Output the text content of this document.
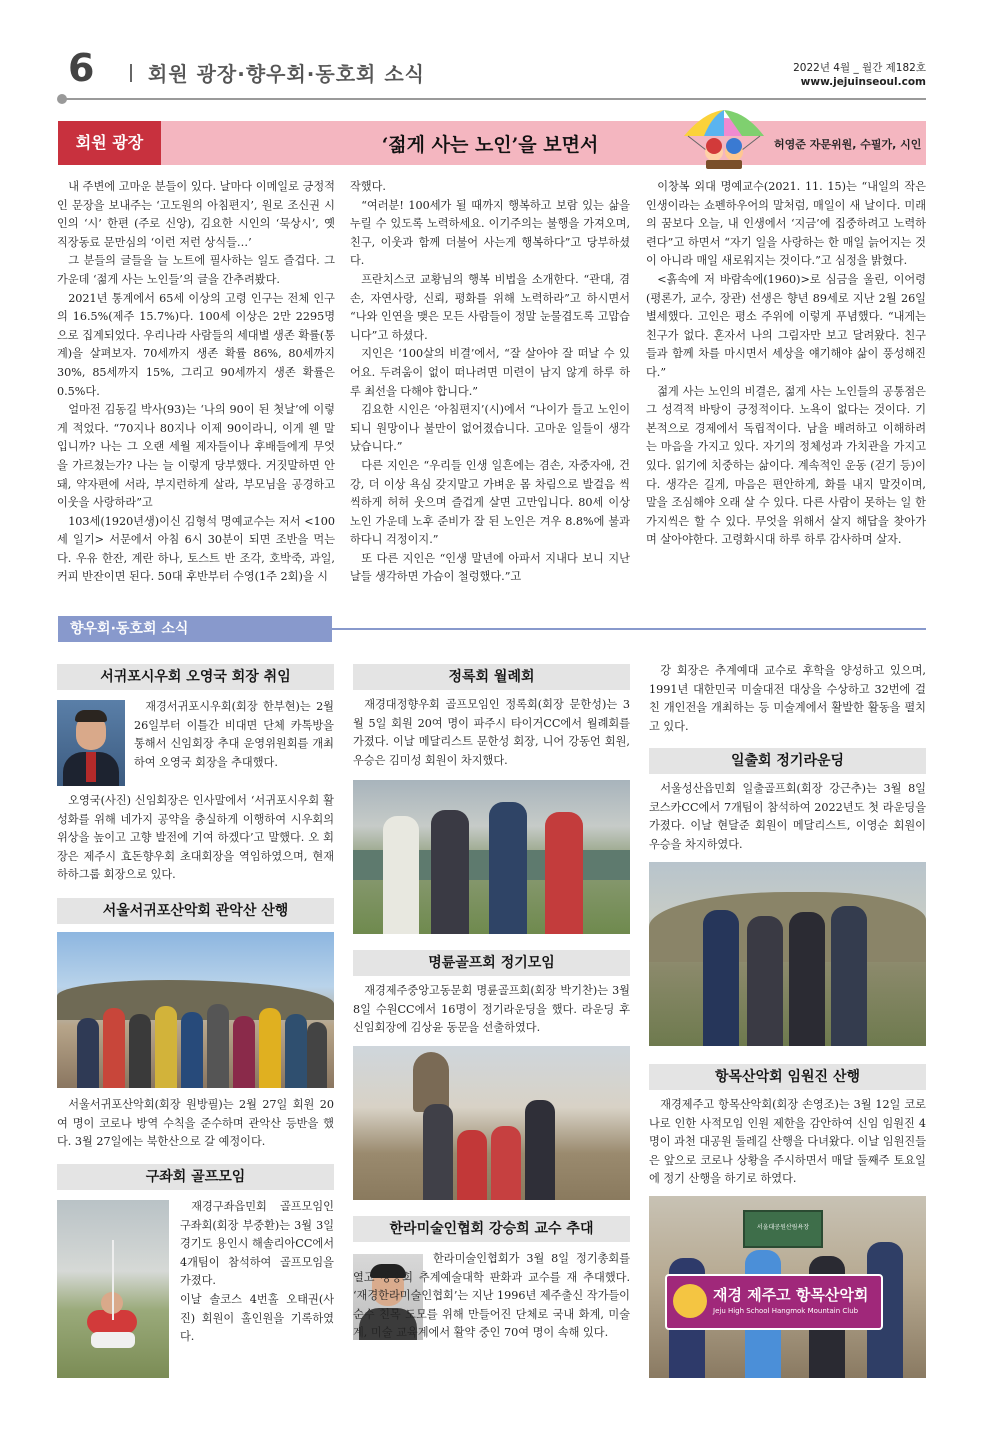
6	회원 광장·향우회·동호회 소식	2022년 4월 _ 월간 제182호
www.jejuinseoul.com
회원 광장	‘젊게 사는 노인’을 보면서	허영준 자문위원, 수필가, 시인

내 주변에 고마운 분들이 있다. 날마다 이메일로 긍정적인 문장을 보내주는 ‘고도원의 아침편지’, 원로 조신권 시인의 ‘시’ 한편 (주로 신앙), 김요한 시인의 ‘묵상시’, 옛 직장동료 문만심의 ‘이런 저런 상식들…’

그 분들의 글들을 늘 노트에 필사하는 일도 즐겁다. 그 가운데 ‘젊게 사는 노인들’의 글을 간추려봤다.

2021년 통계에서 65세 이상의 고령 인구는 전체 인구의 16.5%(제주 15.7%)다. 100세 이상은 2만 2295명으로 집계되었다. 우리나라 사람들의 세대별 생존 확률(통계)을 살펴보자. 70세까지 생존 확률 86%, 80세까지 30%, 85세까지 15%, 그리고 90세까지 생존 확률은 0.5%다.

얼마전 김동길 박사(93)는 ‘나의 90이 된 첫날’에 이렇게 적었다. “70지나 80지나 이제 90이라니, 이게 웬 말입니까? 나는 그 오랜 세월 제자들이나 후배들에게 무엇을 가르쳤는가? 나는 늘 이렇게 당부했다. 거짓말하면 안돼, 약자편에 서라, 부지런하게 살라, 부모님을 공경하고 이웃을 사랑하라”고

103세(1920년생)이신 김형석 명예교수는 저서 <100세 일기> 서문에서 아침 6시 30분이 되면 조반을 먹는다. 우유 한잔, 계란 하나, 토스트 반 조각, 호박죽, 과일, 커피 반잔이면 된다. 50대 후반부터 수영(1주 2회)을 시

작했다.

“여러분! 100세가 될 때까지 행복하고 보람 있는 삶을 누릴 수 있도록 노력하세요. 이기주의는 불행을 가져오며, 친구, 이웃과 함께 더불어 사는게 행복하다”고 당부하셨다.

프란치스코 교황님의 행복 비법을 소개한다. “관대, 겸손, 자연사랑, 신뢰, 평화를 위해 노력하라”고 하시면서 “나와 인연을 맺은 모든 사람들이 정말 눈물겹도록 고맙습니다”고 하셨다.

지인은 ‘100살의 비결’에서, “잘 살아야 잘 떠날 수 있어요. 두려움이 없이 떠나려면 미련이 남지 않게 하루 하루 최선을 다해야 합니다.”

김요한 시인은 ‘아침편지’(시)에서 “나이가 들고 노인이 되니 원망이나 불만이 없어졌습니다. 고마운 일들이 생각났습니다.”

다른 지인은 “우리들 인생 일흔에는 겸손, 자중자애, 건강, 더 이상 욕심 갖지말고 가벼운 몸 차림으로 발걸음 씩씩하게 허허 웃으며 즐겁게 살면 고만입니다. 80세 이상 노인 가운데 노후 준비가 잘 된 노인은 겨우 8.8%에 불과하다니 걱정이지.”

또 다른 지인은 “인생 말년에 아파서 지내다 보니 지난날들 생각하면 가슴이 철렁했다.”고

이창복 외대 명예교수(2021. 11. 15)는 “내일의 작은 인생이라는 쇼펜하우어의 말처럼, 매일이 새 날이다. 미래의 꿈보다 오늘, 내 인생에서 ‘지금’에 집중하려고 노력하련다”고 하면서 “자기 일을 사랑하는 한 매일 늙어지는 것이 아니라 매일 새로워지는 것이다.”고 심정을 밝혔다.

<흙속에 저 바람속에(1960)>로 심금을 울린, 이어령(평론가, 교수, 장관) 선생은 향년 89세로 지난 2월 26일 별세했다. 고인은 평소 주위에 이렇게 푸념했다. “내게는 친구가 없다. 혼자서 나의 그림자만 보고 달려왔다. 친구들과 함께 차를 마시면서 세상을 얘기해야 삶이 풍성해진다.”

젊게 사는 노인의 비결은, 젊게 사는 노인들의 공통점은 그 성격적 바탕이 긍정적이다. 노욕이 없다는 것이다. 기본적으로 경제에서 독립적이다. 남을 배려하고 이해하려는 마음을 가지고 있다. 자기의 정체성과 가치관을 가지고 있다. 읽기에 치중하는 삶이다. 계속적인 운동 (걷기 등)이다. 생각은 길게, 마음은 편안하게, 화를 내지 말것이며, 말을 조심해야 오래 살 수 있다. 다른 사람이 못하는 일 한가지씩은 할 수 있다. 무엇을 위해서 살지 해답을 찾아가며 살아야한다. 고령화시대 하루 하루 감사하며 살자.

향우회·동호회 소식
서귀포시우회 오영국 회장 취임
재경서귀포시우회(회장 한부현)는 2월 26일부터 이틀간 비대면 단체 카톡방을 통해서 신임회장 추대 운영위원회를 개최하여 오영국 회장을 추대했다.
오영국(사진) 신임회장은 인사말에서 ‘서귀포시우회 활성화를 위해 네가지 공약을 충실하게 이행하여 시우회의 위상을 높이고 고향 발전에 기여 하겠다’고 말했다. 오 회장은 제주시 효돈향우회 초대회장을 역임하였으며, 현재 하하그룹 회장으로 있다.
서울서귀포산악회 관악산 산행
서울서귀포산악회(회장 원방필)는 2월 27일 회원 20여 명이 코로나 방역 수칙을 준수하며 관악산 등반을 했다. 3월 27일에는 북한산으로 갈 예정이다.
구좌회 골프모임
재경구좌읍민회 골프모임인 구좌회(회장 부중환)는 3월 3일 경기도 용인시 해솔리아CC에서 4개팀이 참석하여 골프모임을 가졌다.
이날 솔코스 4번홀 오태권(사진) 회원이 홀인원을 기록하였다.
정록회 월례회
재경대정향우회 골프모임인 정록회(회장 문한성)는 3월 5일 회원 20여 명이 파주시 타이거CC에서 월례회를 가졌다. 이날 메달리스트 문한성 회장, 니어 강동언 회원, 우승은 김미성 회원이 차지했다.
명륜골프회 정기모임
재경제주중앙고동문회 명륜골프회(회장 박기찬)는 3월 8일 수원CC에서 16명이 정기라운딩을 했다. 라운딩 후 신임회장에 김상윤 동문을 선출하였다.
한라미술인협회 강승희 교수 추대
한라미술인협회가 3월 8일 정기총회를 열고 강승희 추계예술대학 판화과 교수를 재 추대했다. ‘재경한라미술인협회’는 지난 1996년 제주출신 작가들이 순수 친목 도모를 위해 만들어진 단체로 국내 화계, 미술계, 미술 교육계에서 활약 중인 70여 명이 속해 있다.
강 회장은 추계예대 교수로 후학을 양성하고 있으며, 1991년 대한민국 미술대전 대상을 수상하고 32번에 걸친 개인전을 개최하는 등 미술계에서 활발한 활동을 펼치고 있다.
일출회 정기라운딩
서울성산읍민회 일출골프회(회장 강근추)는 3월 8일 코스카CC에서 7개팀이 참석하여 2022년도 첫 라운딩을 가졌다. 이날 현달준 회원이 메달리스트, 이영순 회원이 우승을 차지하였다.
항목산악회 임원진 산행
재경제주고 항목산악회(회장 손영조)는 3월 12일 코로나로 인한 사적모임 인원 제한을 감안하여 신임 임원진 4명이 과천 대공원 둘레길 산행을 다녀왔다. 이날 임원진들은 앞으로 코로나 상황을 주시하면서 매달 둘째주 토요일에 정기 산행을 하기로 하였다.
서울대공원산림욕장
재경 제주고 항목산악회
Jeju High School Hangmok Mountain Club
